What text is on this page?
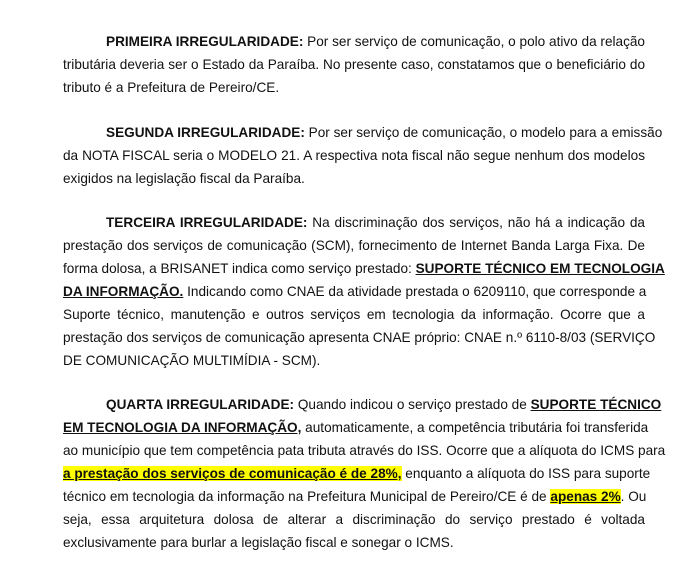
PRIMEIRA IRREGULARIDADE: Por ser serviço de comunicação, o polo ativo da relação
tributária deveria ser o Estado da Paraíba. No presente caso, constatamos que o beneficiário do
tributo é a Prefeitura de Pereiro/CE.
SEGUNDA IRREGULARIDADE: Por ser serviço de comunicação, o modelo para a emissão
da NOTA FISCAL seria o MODELO 21. A respectiva nota fiscal não segue nenhum dos modelos
exigidos na legislação fiscal da Paraíba.
TERCEIRA IRREGULARIDADE: Na discriminação dos serviços, não há a indicação da
prestação dos serviços de comunicação (SCM), fornecimento de Internet Banda Larga Fixa. De
forma dolosa, a BRISANET indica como serviço prestado: SUPORTE TÉCNICO EM TECNOLOGIA
DA INFORMAÇÃO. Indicando como CNAE da atividade prestada o 6209110, que corresponde a
Suporte técnico, manutenção e outros serviços em tecnologia da informação. Ocorre que a
prestação dos serviços de comunicação apresenta CNAE próprio: CNAE n.º 6110-8/03 (SERVIÇO
DE COMUNICAÇÃO MULTIMÍDIA - SCM).
QUARTA IRREGULARIDADE: Quando indicou o serviço prestado de SUPORTE TÉCNICO
EM TECNOLOGIA DA INFORMAÇÃO, automaticamente, a competência tributária foi transferida
ao município que tem competência pata tributa através do ISS. Ocorre que a alíquota do ICMS para
a prestação dos serviços de comunicação é de 28%, enquanto a alíquota do ISS para suporte
técnico em tecnologia da informação na Prefeitura Municipal de Pereiro/CE é de apenas 2%. Ou
seja, essa arquitetura dolosa de alterar a discriminação do serviço prestado é voltada
exclusivamente para burlar a legislação fiscal e sonegar o ICMS.
